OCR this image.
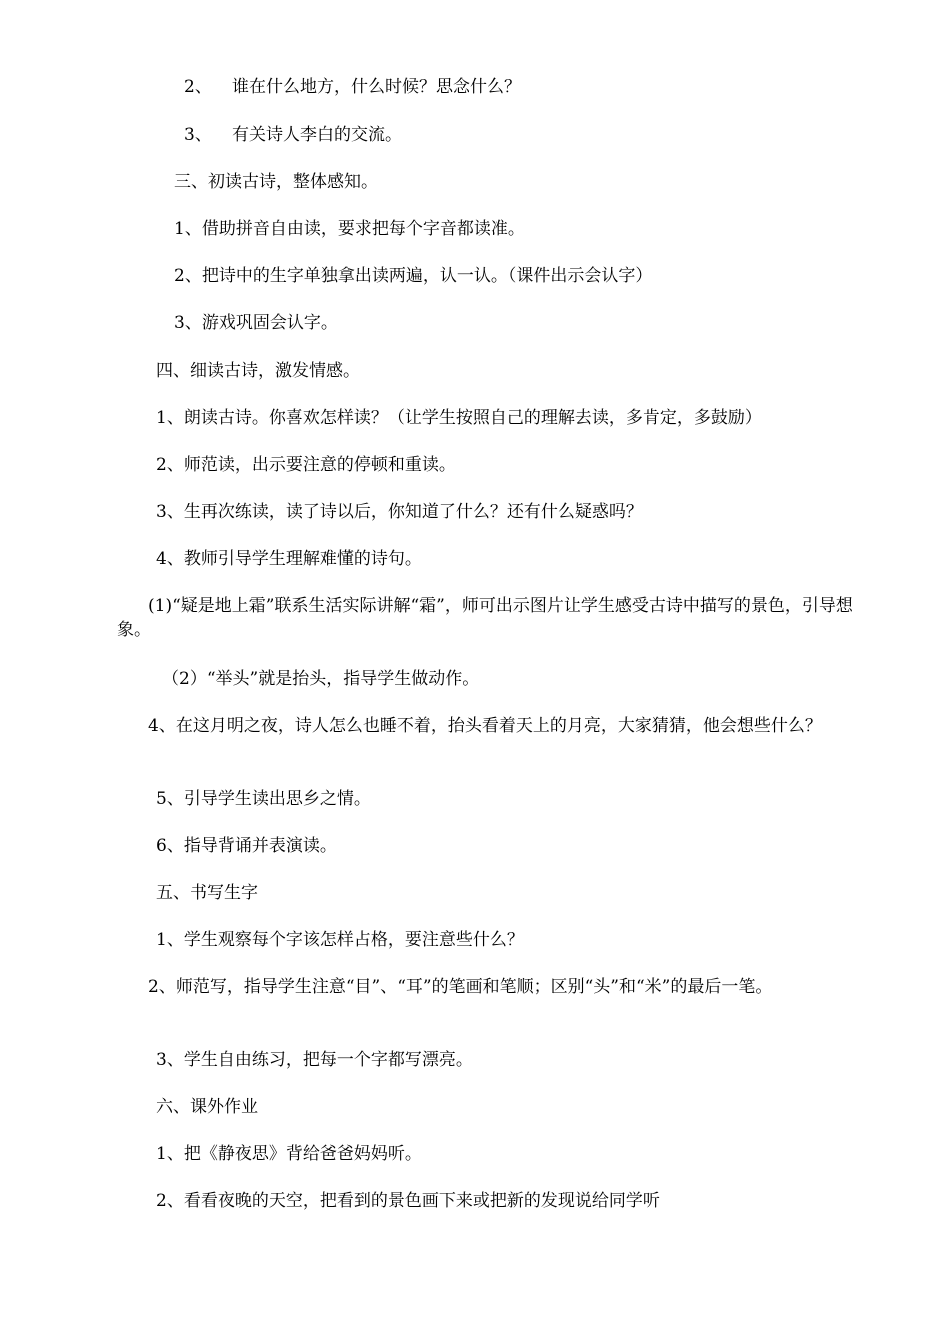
2、 谁在什么地方，什么时候？思念什么？
3、 有关诗人李白的交流。
三、初读古诗，整体感知。
1、借助拼音自由读，要求把每个字音都读准。
2、把诗中的生字单独拿出读两遍，认一认。（课件出示会认字）
3、游戏巩固会认字。
四、细读古诗，激发情感。
1、朗读古诗。你喜欢怎样读？（让学生按照自己的理解去读，多肯定，多鼓励）
2、师范读，出示要注意的停顿和重读。
3、生再次练读，读了诗以后，你知道了什么？还有什么疑惑吗？
4、教师引导学生理解难懂的诗句。
(1)“疑是地上霜”联系生活实际讲解“霜”，师可出示图片让学生感受古诗中描写的景色，引导想象。
（2）“举头”就是抬头，指导学生做动作。
4、在这月明之夜，诗人怎么也睡不着，抬头看着天上的月亮，大家猜猜，他会想些什么？
5、引导学生读出思乡之情。
6、指导背诵并表演读。
五、书写生字
1、学生观察每个字该怎样占格，要注意些什么？
2、师范写，指导学生注意“目”、“耳”的笔画和笔顺；区别“头”和“米”的最后一笔。
3、学生自由练习，把每一个字都写漂亮。
六、课外作业
1、把《静夜思》背给爸爸妈妈听。
2、看看夜晚的天空，把看到的景色画下来或把新的发现说给同学听
